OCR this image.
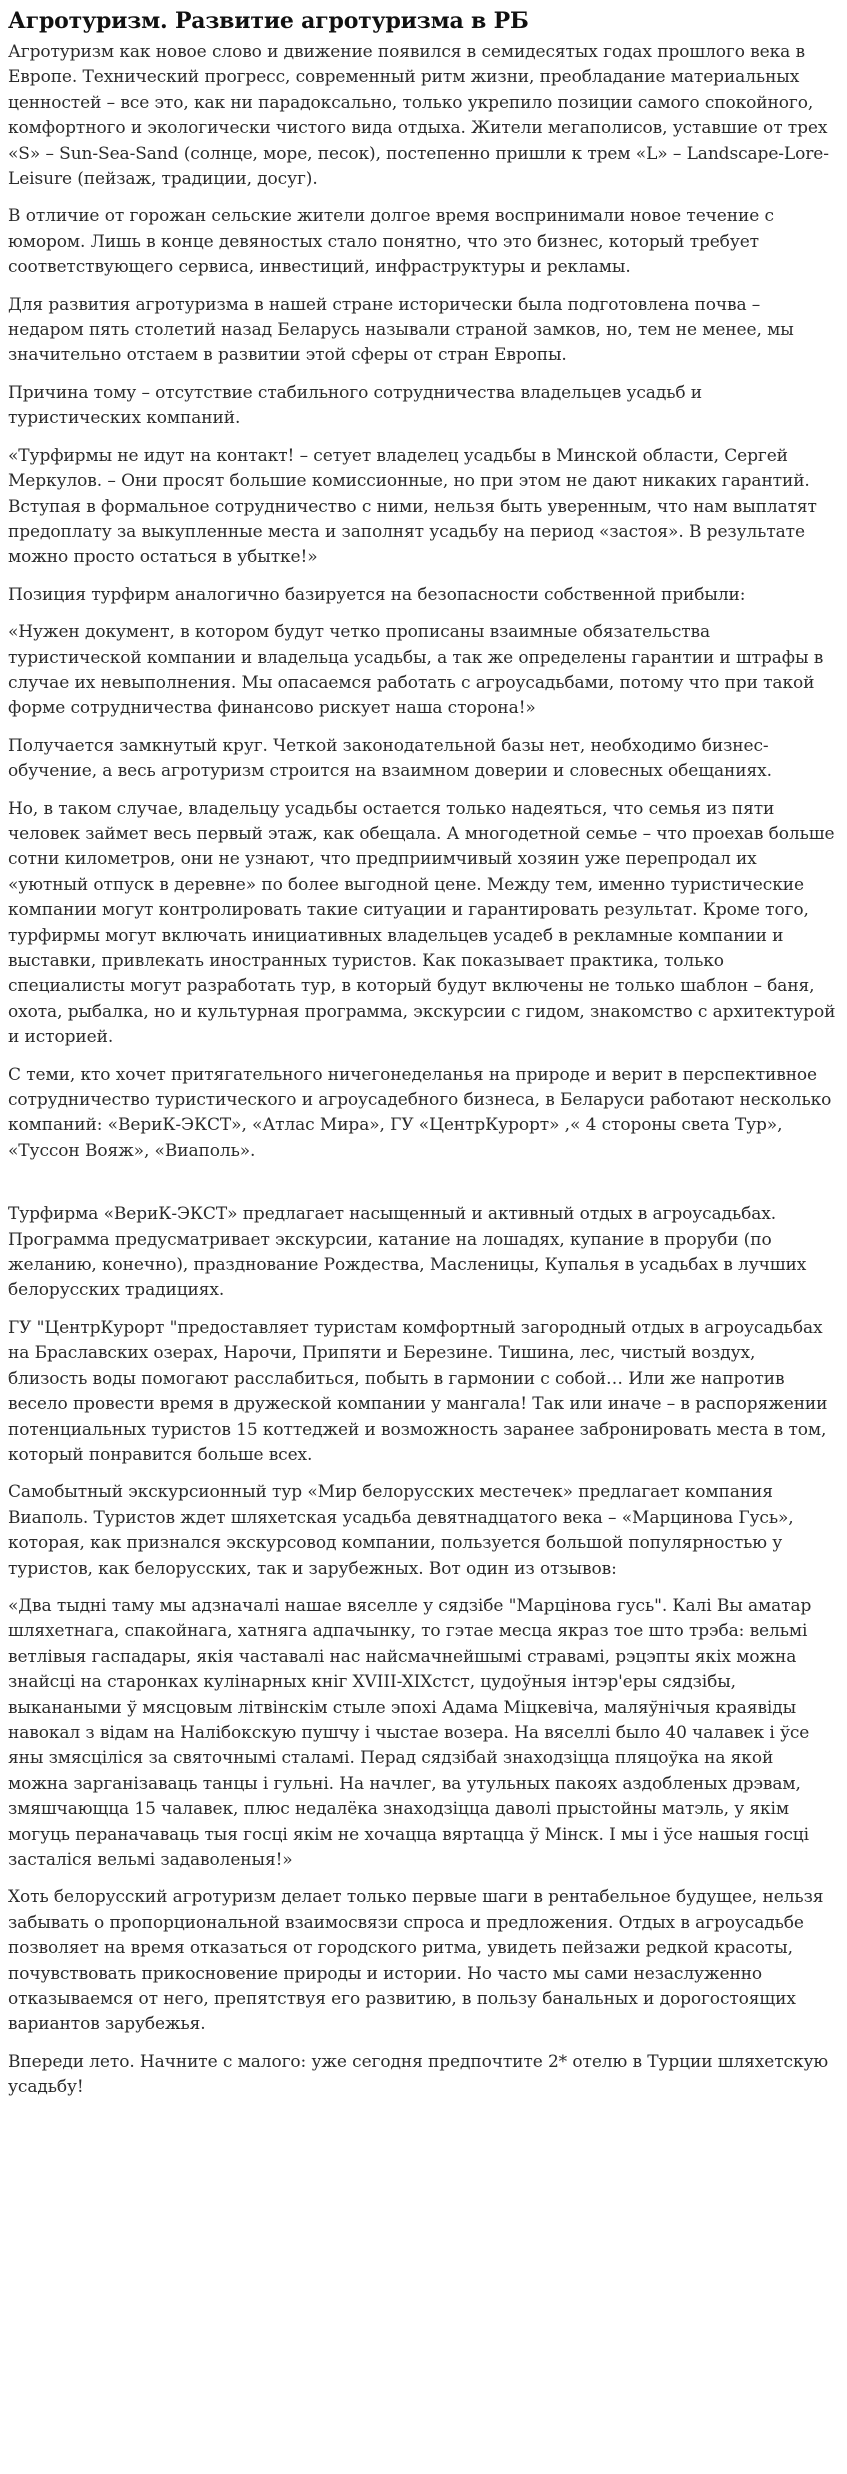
Агротуризм. Развитие агротуризма в РБ

Агротуризм как новое слово и движение появился в семидесятых годах прошлого века в Европе. Технический прогресс, современный ритм жизни, преобладание материальных ценностей – все это, как ни парадоксально, только укрепило позиции самого спокойного, комфортного и экологически чистого вида отдыха. Жители мегаполисов, уставшие от трех «S» – Sun-Sea-Sand (солнце, море, песок), постепенно пришли к трем «L» – Landscape-Lore-Leisure (пейзаж, традиции, досуг).

В отличие от горожан сельские жители долгое время воспринимали новое течение с юмором. Лишь в конце девяностых стало понятно, что это бизнес, который требует соответствующего сервиса, инвестиций, инфраструктуры и рекламы.

Для развития агротуризма в нашей стране исторически была подготовлена почва – недаром пять столетий назад Беларусь называли страной замков, но, тем не менее, мы значительно отстаем в развитии этой сферы от стран Европы.

Причина тому – отсутствие стабильного сотрудничества владельцев усадьб и туристических компаний.

«Турфирмы не идут на контакт! – сетует владелец усадьбы в Минской области, Сергей Меркулов. – Они просят большие комиссионные, но при этом не дают никаких гарантий. Вступая в формальное сотрудничество с ними, нельзя быть уверенным, что нам выплатят предоплату за выкупленные места и заполнят усадьбу на период «застоя». В результате можно просто остаться в убытке!»

Позиция турфирм аналогично базируется на безопасности собственной прибыли:

«Нужен документ, в котором будут четко прописаны взаимные обязательства туристической компании и владельца усадьбы, а так же определены гарантии и штрафы в случае их невыполнения. Мы опасаемся работать с агроусадьбами, потому что при такой форме сотрудничества финансово рискует наша сторона!»

Получается замкнутый круг. Четкой законодательной базы нет, необходимо бизнес-обучение, а весь агротуризм строится на взаимном доверии и словесных обещаниях.

Но, в таком случае, владельцу усадьбы остается только надеяться, что семья из пяти человек займет весь первый этаж, как обещала. А многодетной семье – что проехав больше сотни километров, они не узнают, что предприимчивый хозяин уже перепродал их «уютный отпуск в деревне» по более выгодной цене. Между тем, именно туристические компании могут контролировать такие ситуации и гарантировать результат. Кроме того, турфирмы могут включать инициативных владельцев усадеб в рекламные компании и выставки, привлекать иностранных туристов. Как показывает практика, только специалисты могут разработать тур, в который будут включены не только шаблон – баня, охота, рыбалка, но и культурная программа, экскурсии с гидом, знакомство с архитектурой и историей.

С теми, кто хочет притягательного ничегонеделанья на природе и верит в перспективное сотрудничество туристического и агроусадебного бизнеса, в Беларуси работают несколько компаний: «ВериК-ЭКСТ», «Атлас Мира», ГУ «ЦентрКурорт» ,« 4 стороны света Тур», «Туссон Вояж», «Виаполь».

Турфирма «ВериК-ЭКСТ» предлагает насыщенный и активный отдых в агроусадьбах. Программа предусматривает экскурсии, катание на лошадях, купание в проруби (по желанию, конечно), празднование Рождества, Масленицы, Купалья в усадьбах в лучших белорусских традициях.

ГУ "ЦентрКурорт "предоставляет туристам комфортный загородный отдых в агроусадьбах на Браславских озерах, Нарочи, Припяти и Березине. Тишина, лес, чистый воздух, близость воды помогают расслабиться, побыть в гармонии с собой… Или же напротив весело провести время в дружеской компании у мангала! Так или иначе – в распоряжении потенциальных туристов 15 коттеджей и возможность заранее забронировать места в том, который понравится больше всех.

Самобытный экскурсионный тур «Мир белорусских местечек» предлагает компания Виаполь. Туристов ждет шляхетская усадьба девятнадцатого века – «Марцинова Гусь», которая, как признался экскурсовод компании, пользуется большой популярностью у туристов, как белорусских, так и зарубежных. Вот один из отзывов:

«Два тыдні таму мы адзначалі нашае вяселле у сядзібе "Марцінова гусь". Калі Вы аматар шляхетнага, спакойнага, хатняга адпачынку, то гэтае месца якраз тое што трэба: вельмі ветлівыя гаспадары, якія частавалі нас найсмачнейшымі стравамі, рэцэпты якіх можна знайсці на старонках кулінарных кніг XVIII-XIXстст, цудоўныя інтэр'еры сядзібы, выканаными ў мясцовым літвінскім стыле эпохі Адама Міцкевіча, маляўнічыя краявіды навокал з відам на Налібокскую пушчу і чыстае возера. На вяселлі было 40 чалавек і ўсе яны змясціліся за святочнымі сталамі. Перад сядзібай знаходзіцца пляцоўка на якой можна зарганізаваць танцы і гульні. На начлег, ва утульных пакоях аздобленых дрэвам, змяшчающца 15 чалавек, плюс недалёка знаходзіцца даволі прыстойны матэль, у якім могуць пераначаваць тыя госці якім не хочацца вяртацца ў Мінск. І мы і ўсе нашыя госці засталіся вельмі задаволеныя!»

Хоть белорусский агротуризм делает только первые шаги в рентабельное будущее, нельзя забывать о пропорциональной взаимосвязи спроса и предложения. Отдых в агроусадьбе позволяет на время отказаться от городского ритма, увидеть пейзажи редкой красоты, почувствовать прикосновение природы и истории. Но часто мы сами незаслуженно отказываемся от него, препятствуя его развитию, в пользу банальных и дорогостоящих вариантов зарубежья.

Впереди лето. Начните с малого: уже сегодня предпочтите 2* отелю в Турции шляхетскую усадьбу!
